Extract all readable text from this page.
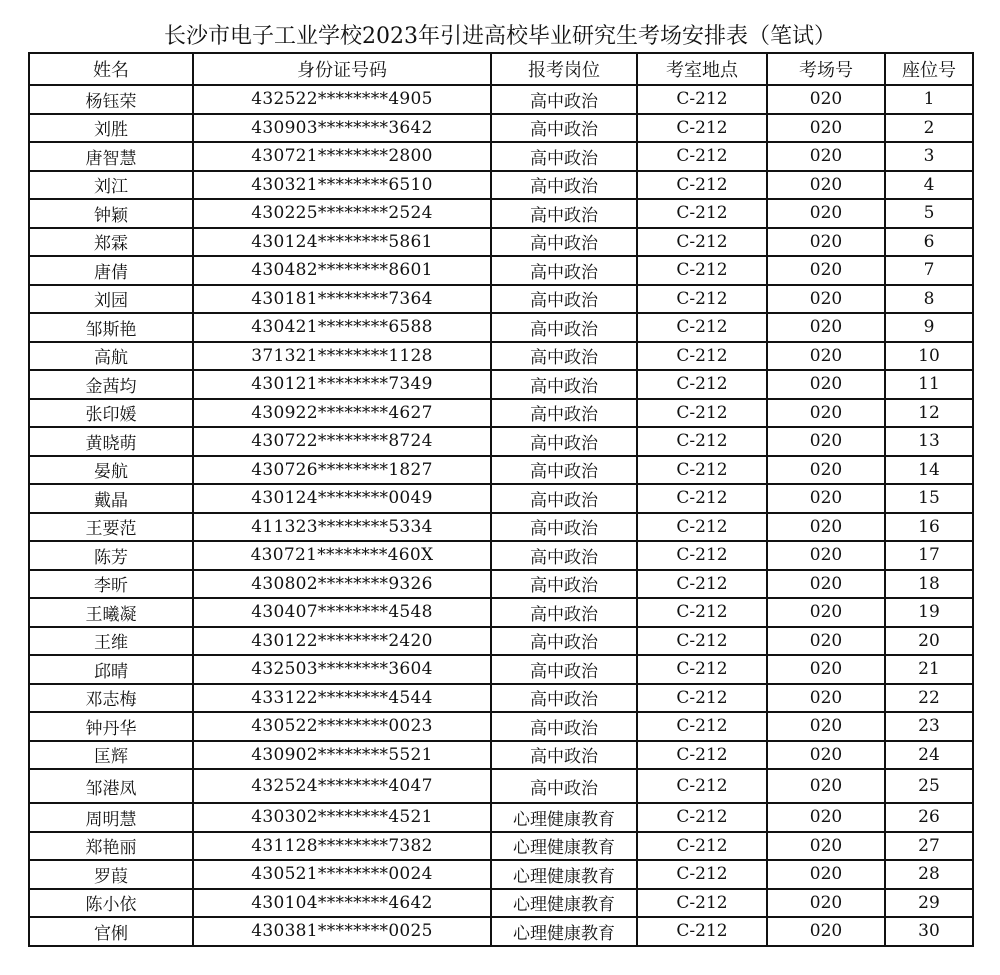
长沙市电子工业学校2023年引进高校毕业研究生考场安排表（笔试）
姓名	身份证号码	报考岗位	考室地点	考场号	座位号
杨钰荣	432522********4905	高中政治	C-212	020	1
刘胜	430903********3642	高中政治	C-212	020	2
唐智慧	430721********2800	高中政治	C-212	020	3
刘江	430321********6510	高中政治	C-212	020	4
钟颖	430225********2524	高中政治	C-212	020	5
郑霖	430124********5861	高中政治	C-212	020	6
唐倩	430482********8601	高中政治	C-212	020	7
刘园	430181********7364	高中政治	C-212	020	8
邹斯艳	430421********6588	高中政治	C-212	020	9
高航	371321********1128	高中政治	C-212	020	10
金茜均	430121********7349	高中政治	C-212	020	11
张印媛	430922********4627	高中政治	C-212	020	12
黄晓萌	430722********8724	高中政治	C-212	020	13
晏航	430726********1827	高中政治	C-212	020	14
戴晶	430124********0049	高中政治	C-212	020	15
王要范	411323********5334	高中政治	C-212	020	16
陈芳	430721********460X	高中政治	C-212	020	17
李昕	430802********9326	高中政治	C-212	020	18
王曦凝	430407********4548	高中政治	C-212	020	19
王维	430122********2420	高中政治	C-212	020	20
邱晴	432503********3604	高中政治	C-212	020	21
邓志梅	433122********4544	高中政治	C-212	020	22
钟丹华	430522********0023	高中政治	C-212	020	23
匡辉	430902********5521	高中政治	C-212	020	24
邹港凤	432524********4047	高中政治	C-212	020	25
周明慧	430302********4521	心理健康教育	C-212	020	26
郑艳丽	431128********7382	心理健康教育	C-212	020	27
罗葭	430521********0024	心理健康教育	C-212	020	28
陈小依	430104********4642	心理健康教育	C-212	020	29
官俐	430381********0025	心理健康教育	C-212	020	30
